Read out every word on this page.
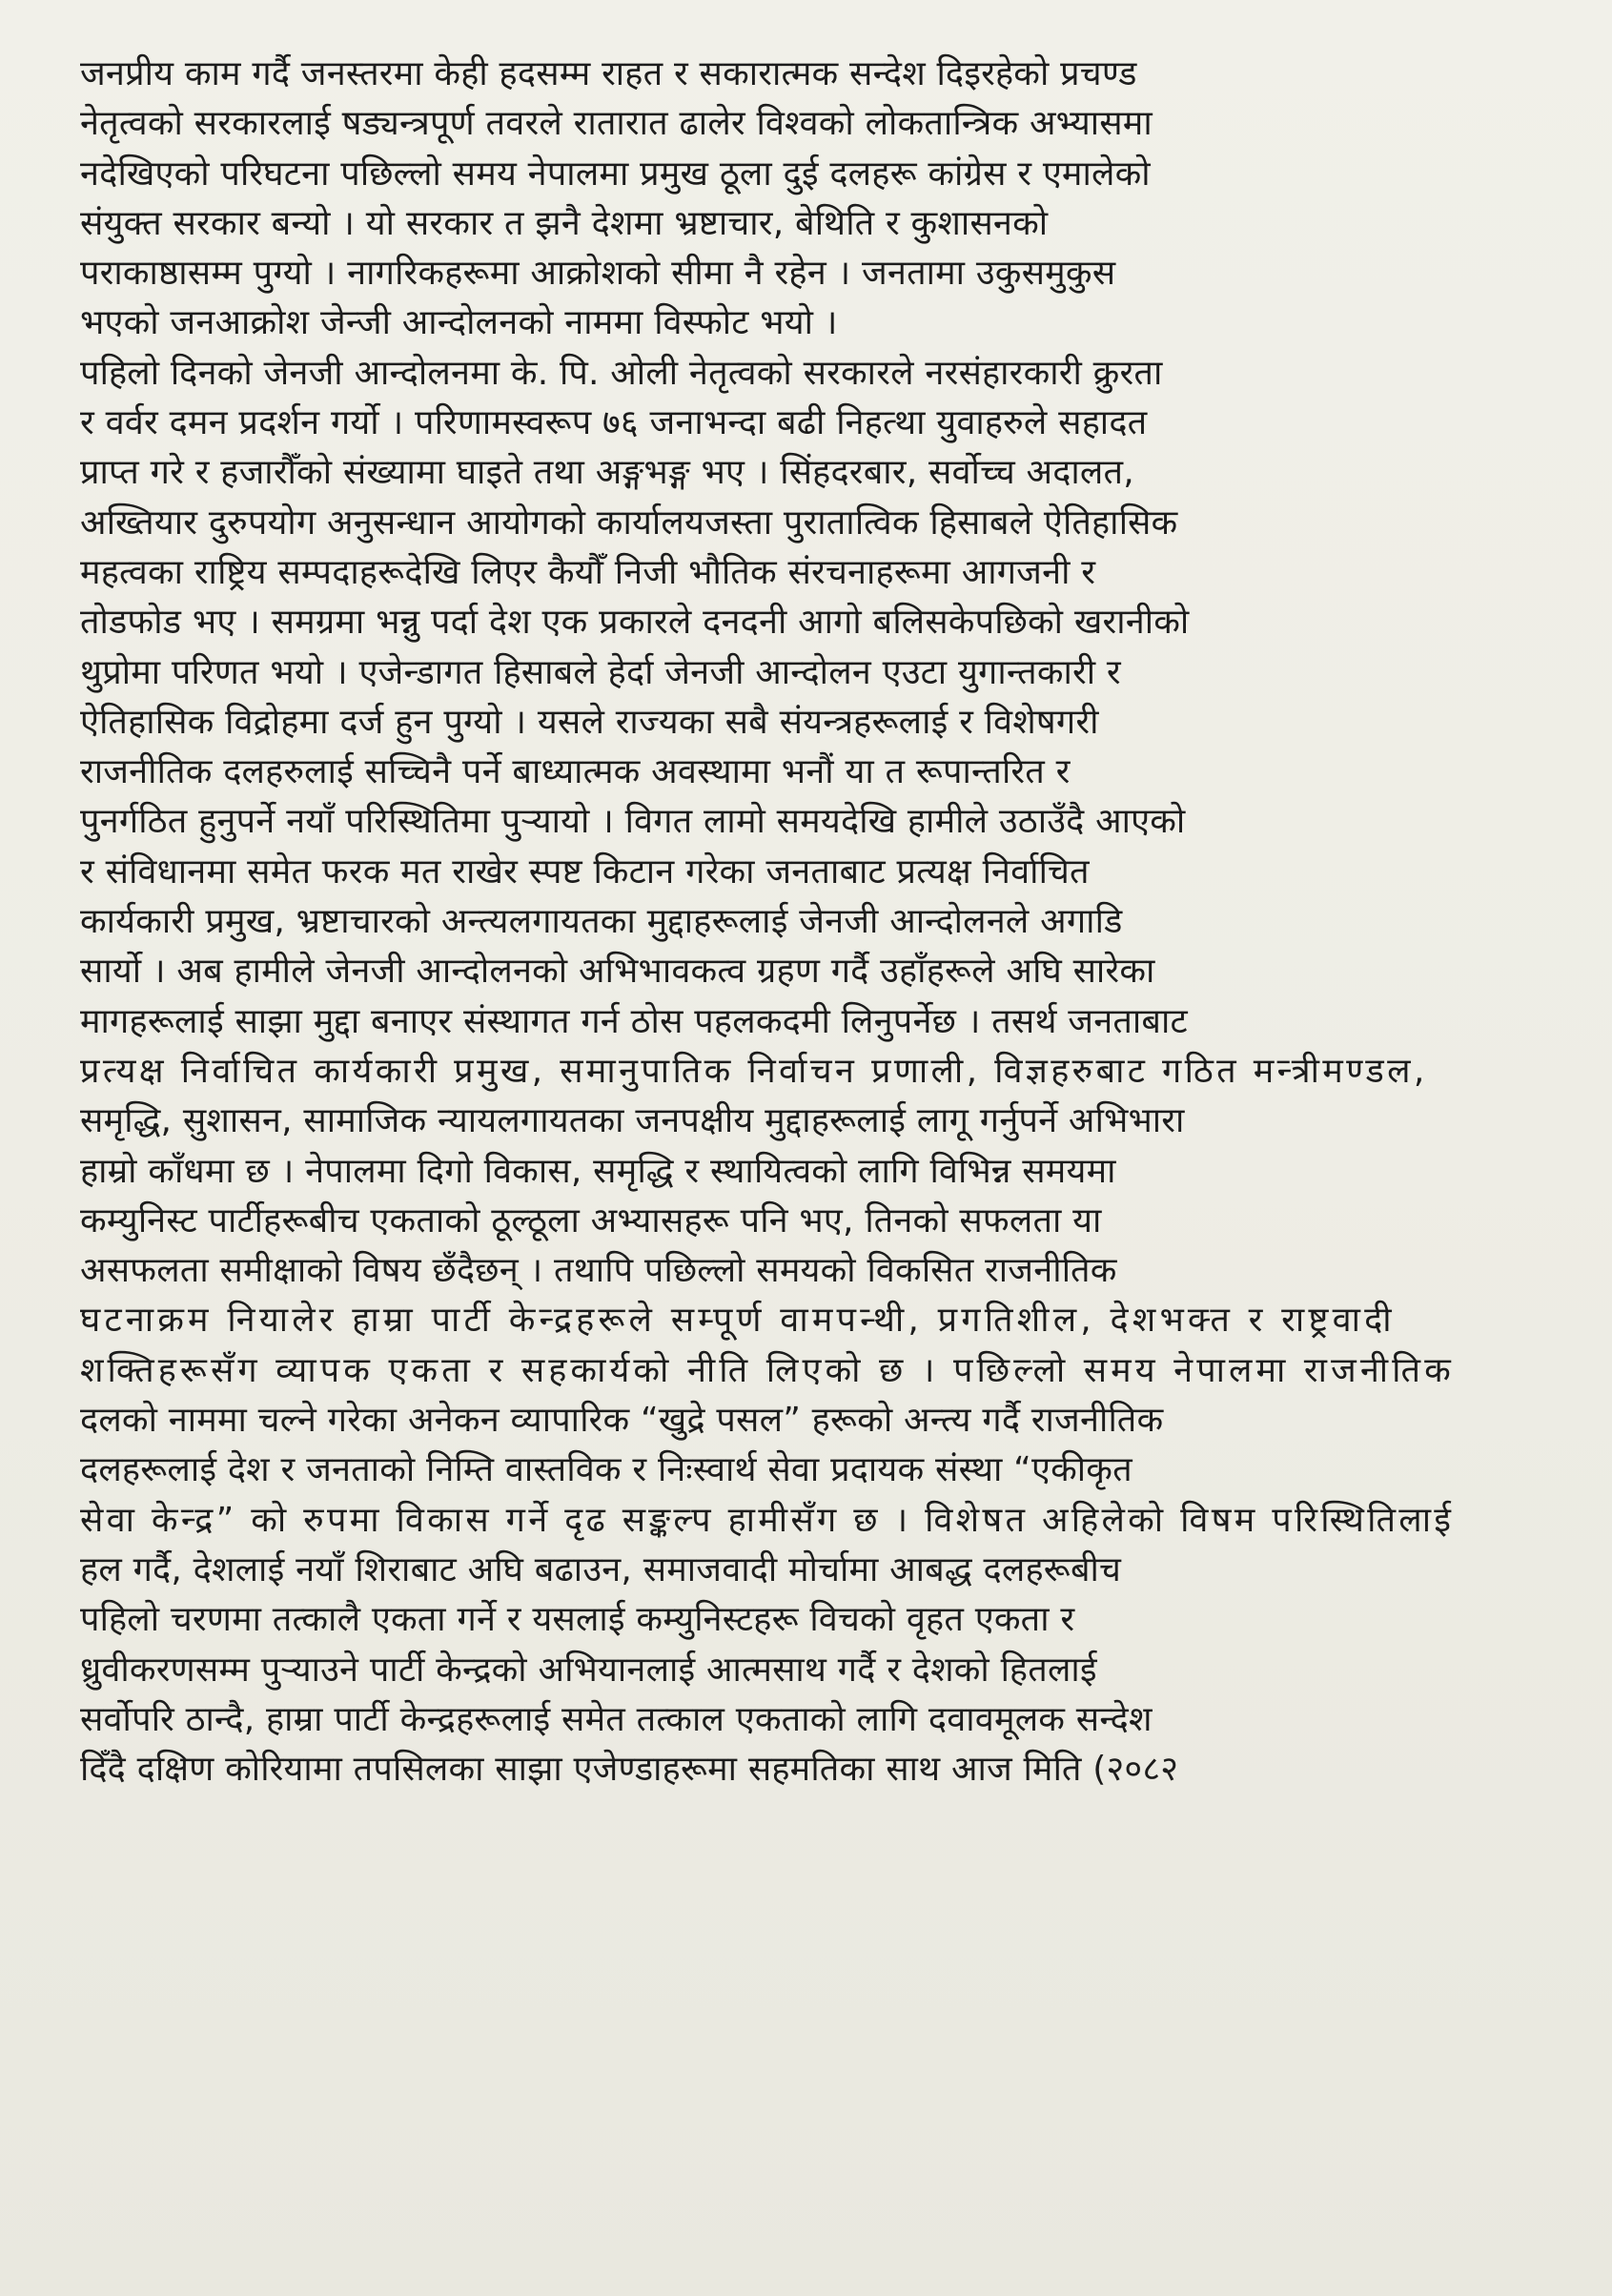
जनप्रीय काम गर्दै जनस्तरमा केही हदसम्म राहत र सकारात्मक सन्देश दिइरहेको प्रचण्ड
नेतृत्वको सरकारलाई षड्यन्त्रपूर्ण तवरले रातारात ढालेर विश्वको लोकतान्त्रिक अभ्यासमा
नदेखिएको परिघटना पछिल्लो समय नेपालमा प्रमुख ठूला दुई दलहरू कांग्रेस र एमालेको
संयुक्त सरकार बन्यो । यो सरकार त झनै देशमा भ्रष्टाचार, बेथिति र कुशासनको
पराकाष्ठासम्म पुग्यो । नागरिकहरूमा आक्रोशको सीमा नै रहेन । जनतामा उकुसमुकुस
भएको जनआक्रोश जेन्जी आन्दोलनको नाममा विस्फोट भयो ।
पहिलो दिनको जेनजी आन्दोलनमा के. पि. ओली नेतृत्वको सरकारले नरसंहारकारी क्रुरता
र वर्वर दमन प्रदर्शन गर्यो । परिणामस्वरूप ७६ जनाभन्दा बढी निहत्था युवाहरुले सहादत
प्राप्त गरे र हजारौँको संख्यामा घाइते तथा अङ्गभङ्ग भए । सिंहदरबार, सर्वोच्च अदालत,
अख्तियार दुरुपयोग अनुसन्धान आयोगको कार्यालयजस्ता पुरातात्विक हिसाबले ऐतिहासिक
महत्वका राष्ट्रिय सम्पदाहरूदेखि लिएर कैयौँ निजी भौतिक संरचनाहरूमा आगजनी र
तोडफोड भए । समग्रमा भन्नु पर्दा देश एक प्रकारले दनदनी आगो बलिसकेपछिको खरानीको
थुप्रोमा परिणत भयो । एजेन्डागत हिसाबले हेर्दा जेनजी आन्दोलन एउटा युगान्तकारी र
ऐतिहासिक विद्रोहमा दर्ज हुन पुग्यो । यसले राज्यका सबै संयन्त्रहरूलाई र विशेषगरी
राजनीतिक दलहरुलाई सच्चिनै पर्ने बाध्यात्मक अवस्थामा भनौं या त रूपान्तरित र
पुनर्गठित हुनुपर्ने नयाँ परिस्थितिमा पुऱ्यायो । विगत लामो समयदेखि हामीले उठाउँदै आएको
र संविधानमा समेत फरक मत राखेर स्पष्ट किटान गरेका जनताबाट प्रत्यक्ष निर्वाचित
कार्यकारी प्रमुख, भ्रष्टाचारको अन्त्यलगायतका मुद्दाहरूलाई जेनजी आन्दोलनले अगाडि
सार्यो । अब हामीले जेनजी आन्दोलनको अभिभावकत्व ग्रहण गर्दै उहाँहरूले अघि सारेका
मागहरूलाई साझा मुद्दा बनाएर संस्थागत गर्न ठोस पहलकदमी लिनुपर्नेछ । तसर्थ जनताबाट
प्रत्यक्ष निर्वाचित कार्यकारी प्रमुख, समानुपातिक निर्वाचन प्रणाली, विज्ञहरुबाट गठित मन्त्रीमण्डल,
समृद्धि, सुशासन, सामाजिक न्यायलगायतका जनपक्षीय मुद्दाहरूलाई लागू गर्नुपर्ने अभिभारा
हाम्रो काँधमा छ । नेपालमा दिगो विकास, समृद्धि र स्थायित्वको लागि विभिन्न समयमा
कम्युनिस्ट पार्टीहरूबीच एकताको ठूल्ठूला अभ्यासहरू पनि भए, तिनको सफलता या
असफलता समीक्षाको विषय छँदैछन् । तथापि पछिल्लो समयको विकसित राजनीतिक
घटनाक्रम नियालेर हाम्रा पार्टी केन्द्रहरूले सम्पूर्ण वामपन्थी, प्रगतिशील, देशभक्त र राष्ट्रवादी
शक्तिहरूसँग व्यापक एकता र सहकार्यको नीति लिएको छ । पछिल्लो समय नेपालमा राजनीतिक
दलको नाममा चल्ने गरेका अनेकन व्यापारिक “खुद्रे पसल” हरूको अन्त्य गर्दै राजनीतिक
दलहरूलाई देश र जनताको निम्ति वास्तविक र निःस्वार्थ सेवा प्रदायक संस्था “एकीकृत
सेवा केन्द्र” को रुपमा विकास गर्ने दृढ सङ्कल्प हामीसँग छ । विशेषत अहिलेको विषम परिस्थितिलाई
हल गर्दै, देशलाई नयाँ शिराबाट अघि बढाउन, समाजवादी मोर्चामा आबद्ध दलहरूबीच
पहिलो चरणमा तत्कालै एकता गर्ने र यसलाई कम्युनिस्टहरू विचको वृहत एकता र
ध्रुवीकरणसम्म पुऱ्याउने पार्टी केन्द्रको अभियानलाई आत्मसाथ गर्दै र देशको हितलाई
सर्वोपरि ठान्दै, हाम्रा पार्टी केन्द्रहरूलाई समेत तत्काल एकताको लागि दवावमूलक सन्देश
दिँदै दक्षिण कोरियामा तपसिलका साझा एजेण्डाहरूमा सहमतिका साथ आज मिति (२०८२
